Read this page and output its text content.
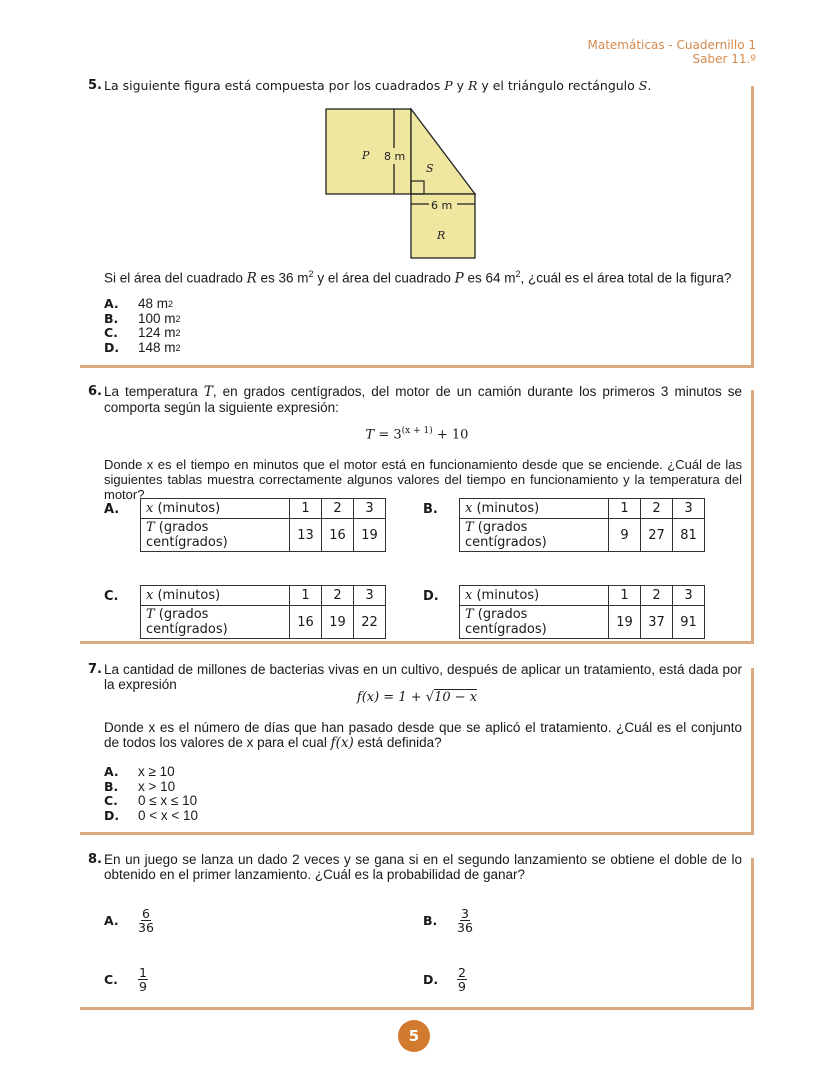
Matemáticas - Cuadernillo 1
Saber 11.º
5. La siguiente figura está compuesta por los cuadrados P y R y el triángulo rectángulo S.
P 8 m
S
6 m
R
Si el área del cuadrado R es 36 $m^2$ y el área del cuadrado P es 64 $m^2$, ¿cuál es el área total de la figura?
A.	48 m 2
B.	100 m 2
C.	124 m 2
D.	148 m 2
6. La temperatura T, en grados centígrados, del motor de un camión durante los primeros 3 minutos se comporta según la siguiente expresión:
$T = 3^{(x + 1)} + 10$
Donde x es el tiempo en minutos que el motor está en funcionamiento desde que se enciende. ¿Cuál de las siguientes tablas muestra correctamente algunos valores del tiempo en funcionamiento y la temperatura del motor?
A. x (minutos)	1	2	3
T (grados centígrados)	13	16	19
B. x (minutos)	1	2	3
T (grados centígrados)	9	27	81
C. x (minutos)	1	2	3
T (grados centígrados)	16	19	22
D. x (minutos)	1	2	3
T (grados centígrados)	19	37	91
7. La cantidad de millones de bacterias vivas en un cultivo, después de aplicar un tratamiento, está dada por la expresión
f(x) = 1 + √10 − x
Donde x es el número de días que han pasado desde que se aplicó el tratamiento. ¿Cuál es el conjunto de todos los valores de x para el cual f(x) está definida?
A.	x ≥ 10
B.	x > 10
C.	0 ≤ x ≤ 10
D.	0 < x < 10
8. En un juego se lanza un dado 2 veces y se gana si en el segundo lanzamiento se obtiene el doble de lo obtenido en el primer lanzamiento. ¿Cuál es la probabilidad de ganar?
A.	$\frac{6}{36}$	B.	$\frac{3}{36}$
C.	$\frac{1}{9}$	D.	$\frac{2}{9}$
5
